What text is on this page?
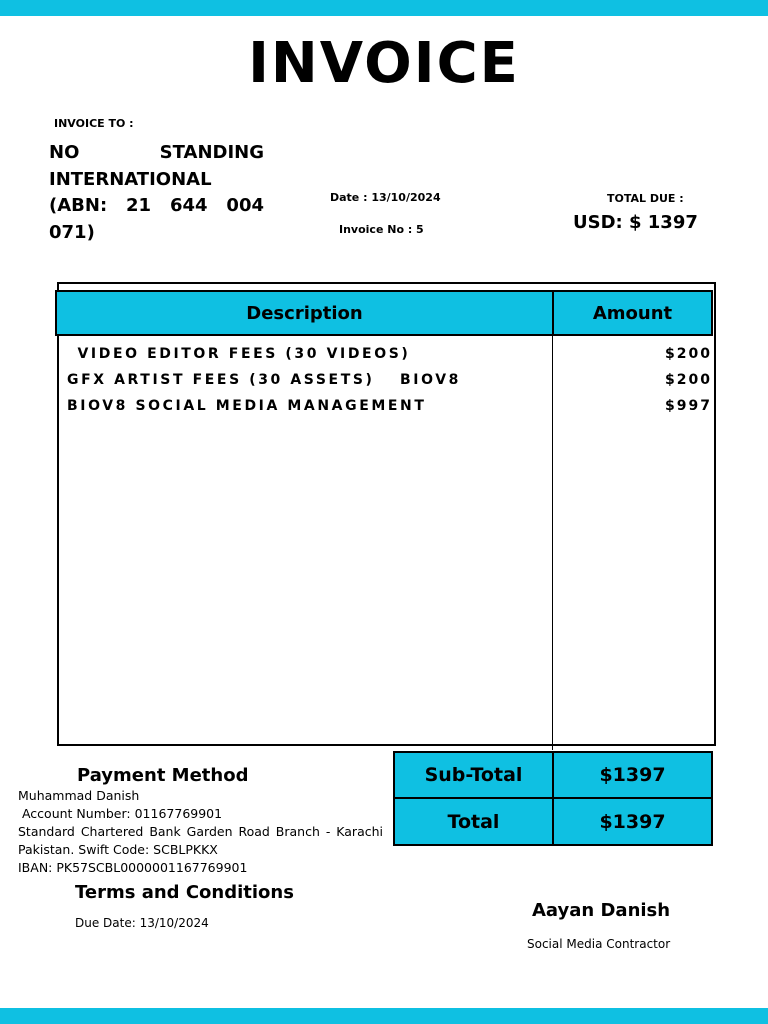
INVOICE
INVOICE TO :
NO STANDING INTERNATIONAL (ABN: 21 644 004 071)
Date : 13/10/2024
Invoice No : 5
TOTAL DUE :
USD: $ 1397
Description	Amount
VIDEO EDITOR FEES (30 VIDEOS)	$200
GFX ARTIST FEES (30 ASSETS) BIOV8	$200
BIOV8 SOCIAL MEDIA MANAGEMENT	$997
Sub-Total	$1397
Total	$1397
Payment Method
Muhammad Danish
Account Number: 01167769901
Standard Chartered Bank Garden Road Branch - Karachi Pakistan. Swift Code: SCBLPKKX
IBAN: PK57SCBL0000001167769901
Terms and Conditions
Due Date: 13/10/2024
Aayan Danish
Social Media Contractor
